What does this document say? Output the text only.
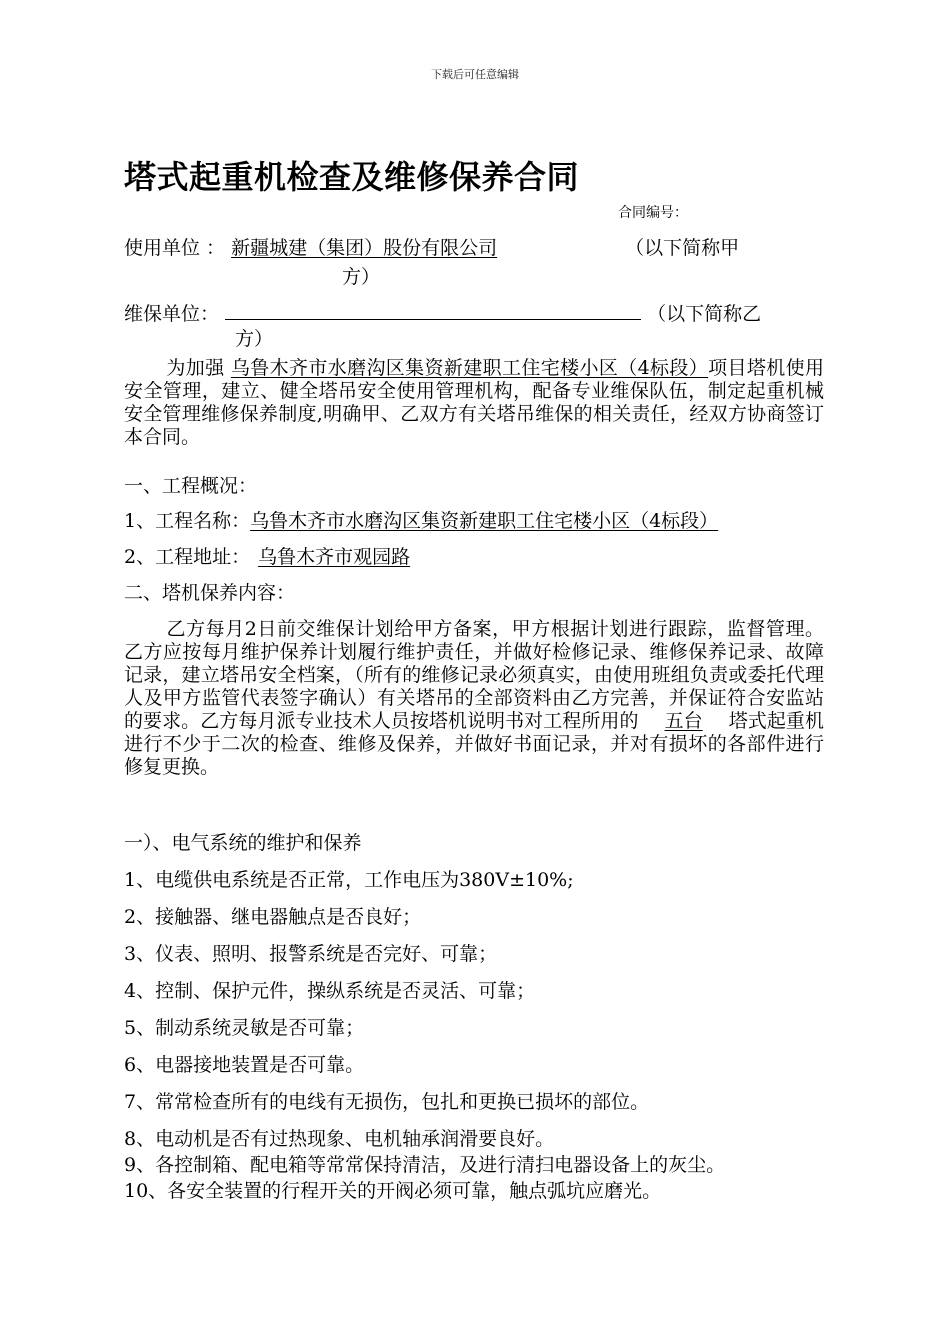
下载后可任意编辑
塔式起重机检查及维修保养合同
合同编号：
使用单位 ： 新疆城建（集团）股份有限公司	（以下简称甲
方）
维保单位：	（以下简称乙
方）

为加强 乌鲁木齐市水磨沟区集资新建职工住宅楼小区（4标段）项目塔机使用安全管理，建立、健全塔吊安全使用管理机构，配备专业维保队伍，制定起重机械安全管理维修保养制度,明确甲、乙双方有关塔吊维保的相关责任，经双方协商签订本合同。

一、工程概况：
1、工程名称：乌鲁木齐市水磨沟区集资新建职工住宅楼小区（4标段）
2、工程地址： 乌鲁木齐市观园路
二、塔机保养内容：

乙方每月2日前交维保计划给甲方备案，甲方根据计划进行跟踪，监督管理。乙方应按每月维护保养计划履行维护责任，并做好检修记录、维修保养记录、故障记录，建立塔吊安全档案，（所有的维修记录必须真实，由使用班组负责或委托代理人及甲方监管代表签字确认）有关塔吊的全部资料由乙方完善，并保证符合安监站的要求。乙方每月派专业技术人员按塔机说明书对工程所用的 五台 塔式起重机进行不少于二次的检查、维修及保养，并做好书面记录，并对有损坏的各部件进行修复更换。

一）、电气系统的维护和保养
1、电缆供电系统是否正常，工作电压为380V±10%;
2、接触器、继电器触点是否良好；
3、仪表、照明、报警系统是否完好、可靠；
4、控制、保护元件，操纵系统是否灵活、可靠；
5、制动系统灵敏是否可靠；
6、电器接地装置是否可靠。
7、常常检查所有的电线有无损伤，包扎和更换已损坏的部位。
8、电动机是否有过热现象、电机轴承润滑要良好。
9、各控制箱、配电箱等常常保持清洁，及进行清扫电器设备上的灰尘。
10、各安全装置的行程开关的开阀必须可靠，触点弧坑应磨光。
